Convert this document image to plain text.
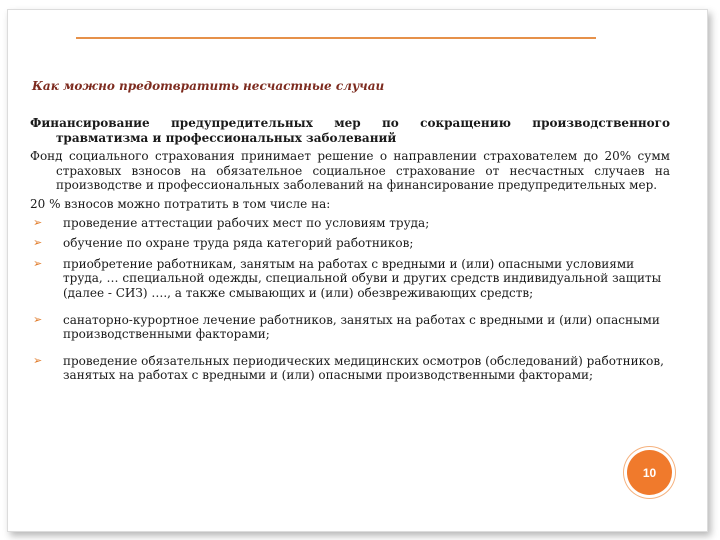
Как можно предотвратить несчастные случаи

Финансирование предупредительных мер по сокращению производственного травматизма и профессиональных заболеваний

Фонд социального страхования принимает решение о направлении страхователем до 20% сумм страховых взносов на обязательное социальное страхование от несчастных случаев на производстве и профессиональных заболеваний на финансирование предупредительных мер.

20 % взносов можно потратить в том числе на:

➢ проведение аттестации рабочих мест по условиям труда;
➢ обучение по охране труда ряда категорий работников;
➢ приобретение работникам, занятым на работах с вредными и (или) опасными условиями труда, … специальной одежды, специальной обуви и других средств индивидуальной защиты (далее - СИЗ) …., а также смывающих и (или) обезвреживающих средств;
➢ санаторно-курортное лечение работников, занятых на работах с вредными и (или) опасными производственными факторами;
➢ проведение обязательных периодических медицинских осмотров (обследований) работников, занятых на работах с вредными и (или) опасными производственными факторами;
10
